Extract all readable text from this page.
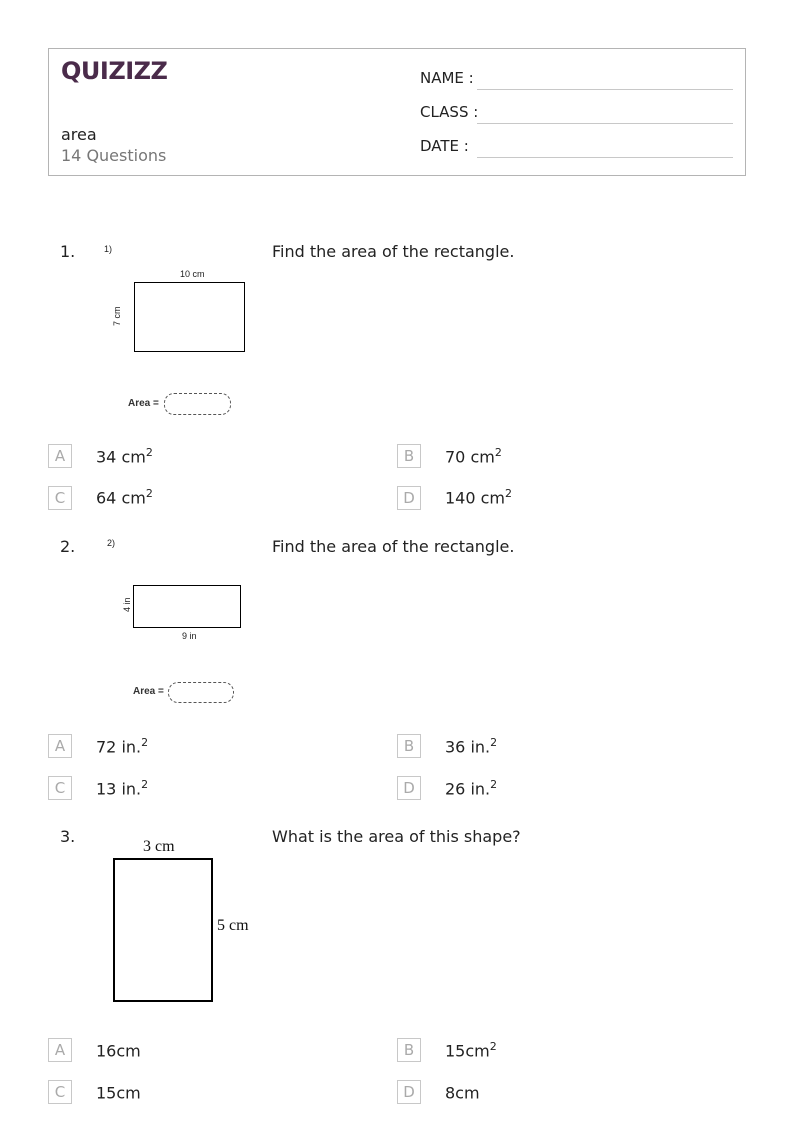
QUIZIZZ
area
14 Questions
NAME :
CLASS :
DATE :
1.	Find the area of the rectangle.
1)
10 cm
7 cm
Area =
A	34 $cm^2$	B	70 $cm^2$
C	64 $cm^2$	D	140 $cm^2$
2.	Find the area of the rectangle.
2)
4 in
9 in
Area =
A	72 in.$^2$	B	36 in.$^2$
C	13 in.$^2$	D	26 in.$^2$
3.	What is the area of this shape?
3 cm
5 cm
A	16cm	B	$15cm^2$
C	15cm	D	8cm
